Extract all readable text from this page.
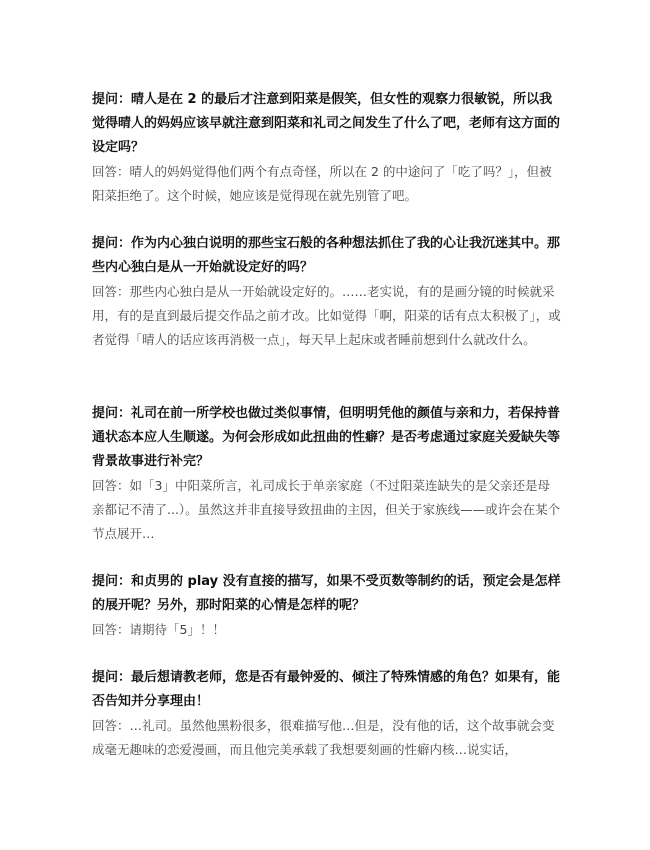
提问：晴人是在 2 的最后才注意到阳菜是假笑，但女性的观察力很敏锐，所以我觉得晴人的妈妈应该早就注意到阳菜和礼司之间发生了什么了吧，老师有这方面的设定吗？

回答：晴人的妈妈觉得他们两个有点奇怪，所以在 2 的中途问了「吃了吗？」，但被阳菜拒绝了。这个时候，她应该是觉得现在就先别管了吧。

提问：作为内心独白说明的那些宝石般的各种想法抓住了我的心让我沉迷其中。那些内心独白是从一开始就设定好的吗？

回答：那些内心独白是从一开始就设定好的。……老实说，有的是画分镜的时候就采用，有的是直到最后提交作品之前才改。比如觉得「啊，阳菜的话有点太积极了」，或者觉得「晴人的话应该再消极一点」，每天早上起床或者睡前想到什么就改什么。

提问：礼司在前一所学校也做过类似事情，但明明凭他的颜值与亲和力，若保持普通状态本应人生顺遂。为何会形成如此扭曲的性癖？是否考虑通过家庭关爱缺失等背景故事进行补完？

回答：如「3」中阳菜所言，礼司成长于单亲家庭（不过阳菜连缺失的是父亲还是母亲都记不清了...）。虽然这并非直接导致扭曲的主因，但关于家族线——或许会在某个节点展开…

提问：和贞男的 play 没有直接的描写，如果不受页数等制约的话，预定会是怎样的展开呢？另外，那时阳菜的心情是怎样的呢？

回答：请期待「5」！！

提问：最后想请教老师，您是否有最钟爱的、倾注了特殊情感的角色？如果有，能否告知并分享理由！

回答：…礼司。虽然他黑粉很多，很难描写他…但是，没有他的话，这个故事就会变成毫无趣味的恋爱漫画，而且他完美承载了我想要刻画的性癖内核…说实话，
